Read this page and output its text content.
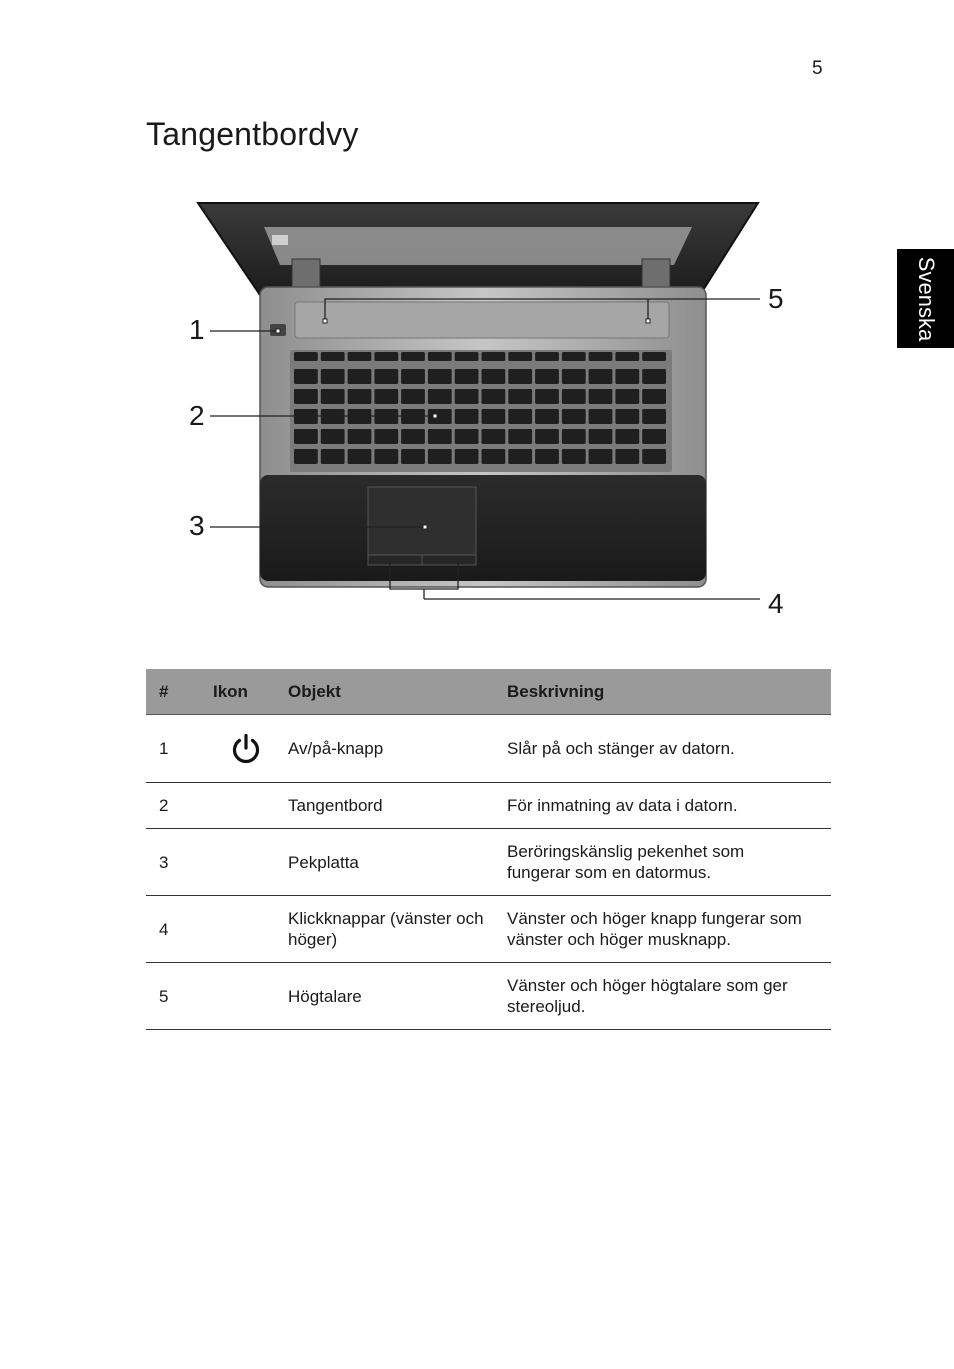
5
Tangentbordvy
Svenska
1
2
3
4
5
#	Ikon	Objekt	Beskrivning
1		Av/på-knapp	Slår på och stänger av datorn.
2		Tangentbord	För inmatning av data i datorn.
3		Pekplatta	Beröringskänslig pekenhet som fungerar som en datormus.
4		Klickknappar (vänster och höger)	Vänster och höger knapp fungerar som vänster och höger musknapp.
5		Högtalare	Vänster och höger högtalare som ger stereoljud.
